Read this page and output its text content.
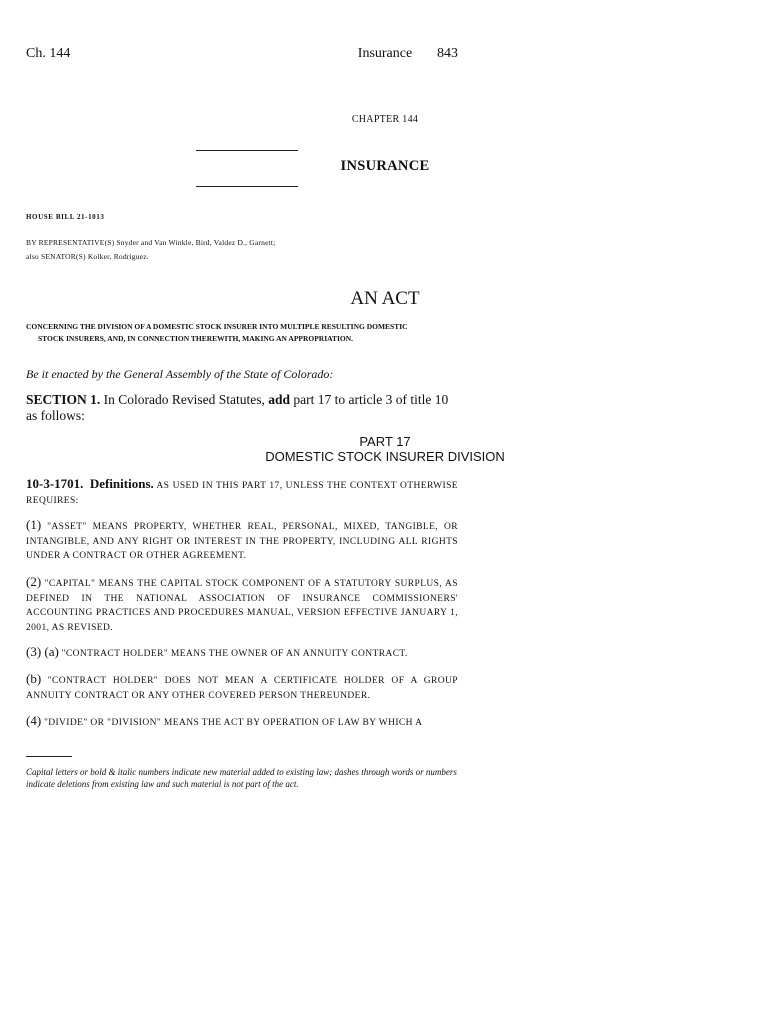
Ch. 144	Insurance	843
CHAPTER 144
INSURANCE
HOUSE BILL 21-1013
BY REPRESENTATIVE(S) Snyder and Van Winkle, Bird, Valdez D., Garnett;
also SENATOR(S) Kolker, Rodriguez.
AN ACT
CONCERNING THE DIVISION OF A DOMESTIC STOCK INSURER INTO MULTIPLE RESULTING DOMESTIC
STOCK INSURERS, AND, IN CONNECTION THEREWITH, MAKING AN APPROPRIATION.
Be it enacted by the General Assembly of the State of Colorado:
SECTION 1. In Colorado Revised Statutes, add part 17 to article 3 of title 10 as follows:
PART 17
DOMESTIC STOCK INSURER DIVISION
10-3-1701. Definitions. AS USED IN THIS PART 17, UNLESS THE CONTEXT OTHERWISE REQUIRES:
(1) "ASSET" MEANS PROPERTY, WHETHER REAL, PERSONAL, MIXED, TANGIBLE, OR INTANGIBLE, AND ANY RIGHT OR INTEREST IN THE PROPERTY, INCLUDING ALL RIGHTS UNDER A CONTRACT OR OTHER AGREEMENT.
(2) "CAPITAL" MEANS THE CAPITAL STOCK COMPONENT OF A STATUTORY SURPLUS, AS DEFINED IN THE NATIONAL ASSOCIATION OF INSURANCE COMMISSIONERS' ACCOUNTING PRACTICES AND PROCEDURES MANUAL, VERSION EFFECTIVE JANUARY 1, 2001, AS REVISED.
(3) (a) "CONTRACT HOLDER" MEANS THE OWNER OF AN ANNUITY CONTRACT.
(b) "CONTRACT HOLDER" DOES NOT MEAN A CERTIFICATE HOLDER OF A GROUP ANNUITY CONTRACT OR ANY OTHER COVERED PERSON THEREUNDER.
(4) "DIVIDE" OR "DIVISION" MEANS THE ACT BY OPERATION OF LAW BY WHICH A
Capital letters or bold & italic numbers indicate new material added to existing law; dashes through words or numbers indicate deletions from existing law and such material is not part of the act.
